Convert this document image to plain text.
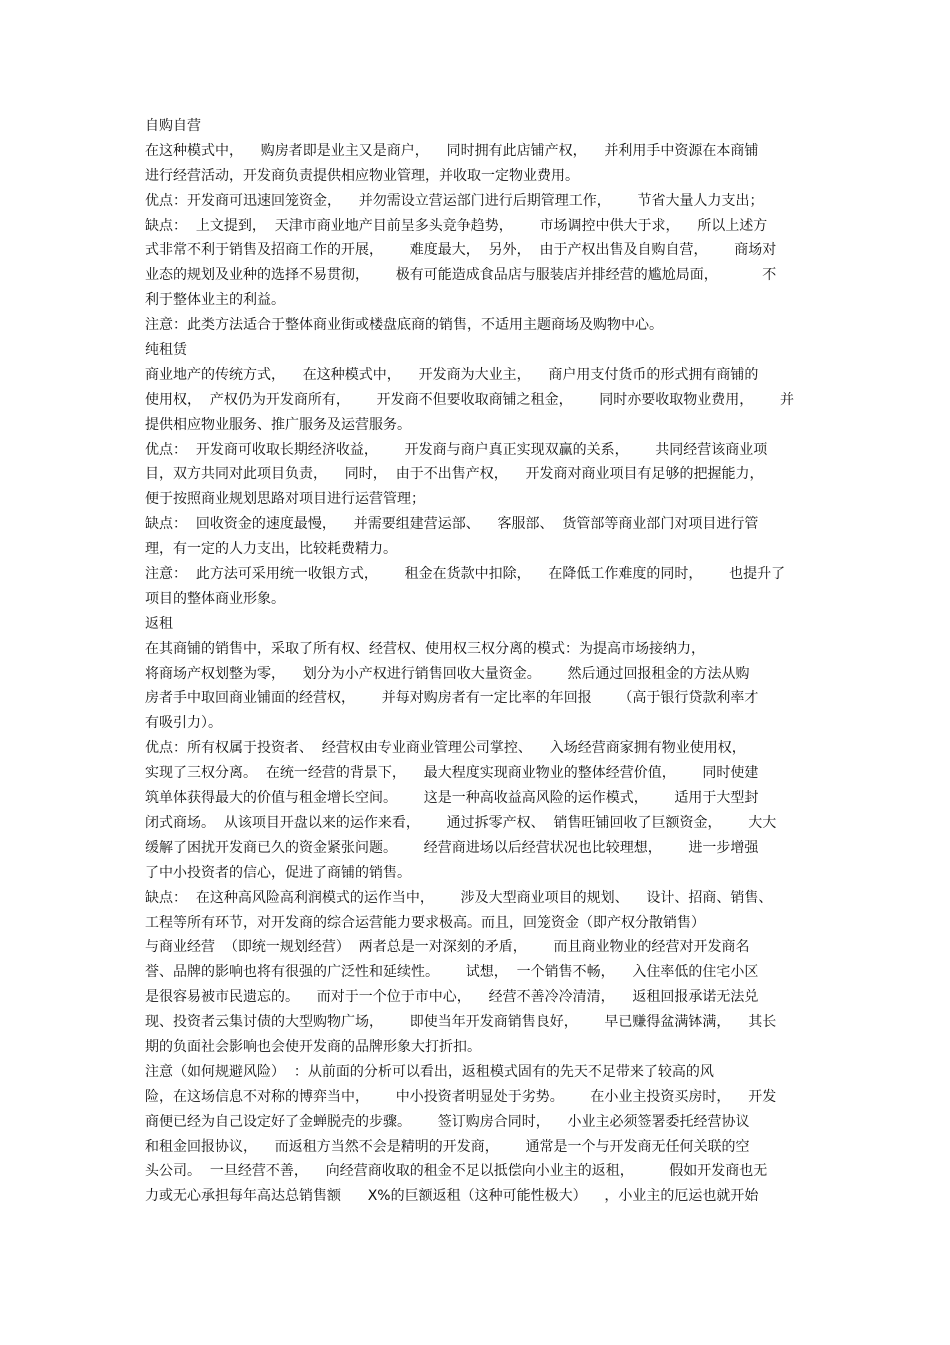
自购自营
在这种模式中，    购房者即是业主又是商户，    同时拥有此店铺产权，    并利用手中资源在本商铺
进行经营活动，开发商负责提供相应物业管理，并收取一定物业费用。
优点：开发商可迅速回笼资金，    并勿需设立营运部门进行后期管理工作，      节省大量人力支出；
缺点：  上文提到，  天津市商业地产目前呈多头竞争趋势，      市场调控中供大于求，    所以上述方
式非常不利于销售及招商工作的开展，      难度最大，  另外，  由于产权出售及自购自营，      商场对
业态的规划及业种的选择不易贯彻，      极有可能造成食品店与服装店并排经营的尴尬局面，          不
利于整体业主的利益。
注意：此类方法适合于整体商业街或楼盘底商的销售，不适用主题商场及购物中心。
纯租赁
商业地产的传统方式，    在这种模式中，    开发商为大业主，    商户用支付货币的形式拥有商铺的
使用权，  产权仍为开发商所有，      开发商不但要收取商铺之租金，      同时亦要收取物业费用，      并
提供相应物业服务、推广服务及运营服务。
优点：  开发商可收取长期经济收益，      开发商与商户真正实现双赢的关系，      共同经营该商业项
目，双方共同对此项目负责，    同时，  由于不出售产权，    开发商对商业项目有足够的把握能力，
便于按照商业规划思路对项目进行运营管理；
缺点：  回收资金的速度最慢，    并需要组建营运部、    客服部、  货管部等商业部门对项目进行管
理，有一定的人力支出，比较耗费精力。
注意：  此方法可采用统一收银方式，      租金在货款中扣除，    在降低工作难度的同时，      也提升了
项目的整体商业形象。
返租
在其商铺的销售中，采取了所有权、经营权、使用权三权分离的模式：为提高市场接纳力，
将商场产权划整为零，    划分为小产权进行销售回收大量资金。      然后通过回报租金的方法从购
房者手中取回商业铺面的经营权，      并每对购房者有一定比率的年回报      （高于银行贷款利率才
有吸引力）。
优点：所有权属于投资者、  经营权由专业商业管理公司掌控、    入场经营商家拥有物业使用权，
实现了三权分离。  在统一经营的背景下，    最大程度实现商业物业的整体经营价值，      同时使建
筑单体获得最大的价值与租金增长空间。      这是一种高收益高风险的运作模式，      适用于大型封
闭式商场。  从该项目开盘以来的运作来看，      通过拆零产权、  销售旺铺回收了巨额资金，      大大
缓解了困扰开发商已久的资金紧张问题。      经营商进场以后经营状况也比较理想，      进一步增强
了中小投资者的信心，促进了商铺的销售。
缺点：  在这种高风险高利润模式的运作当中，      涉及大型商业项目的规划、    设计、招商、销售、
工程等所有环节，对开发商的综合运营能力要求极高。而且，回笼资金（即产权分散销售）
与商业经营  （即统一规划经营）  两者总是一对深刻的矛盾，      而且商业物业的经营对开发商名
誉、品牌的影响也将有很强的广泛性和延续性。      试想，  一个销售不畅，    入住率低的住宅小区
是很容易被市民遗忘的。    而对于一个位于市中心，    经营不善冷冷清清，    返租回报承诺无法兑
现、投资者云集讨债的大型购物广场，      即使当年开发商销售良好，      早已赚得盆满钵满，    其长
期的负面社会影响也会使开发商的品牌形象大打折扣。
注意（如何规避风险）  ：从前面的分析可以看出，返租模式固有的先天不足带来了较高的风
险，在这场信息不对称的博弈当中，      中小投资者明显处于劣势。      在小业主投资买房时，    开发
商便已经为自己设定好了金蝉脱壳的步骤。      签订购房合同时，    小业主必须签署委托经营协议
和租金回报协议，    而返租方当然不会是精明的开发商，      通常是一个与开发商无任何关联的空
头公司。  一旦经营不善，    向经营商收取的租金不足以抵偿向小业主的返租，        假如开发商也无
力或无心承担每年高达总销售额      X%的巨额返租（这种可能性极大）    ，小业主的厄运也就开始
